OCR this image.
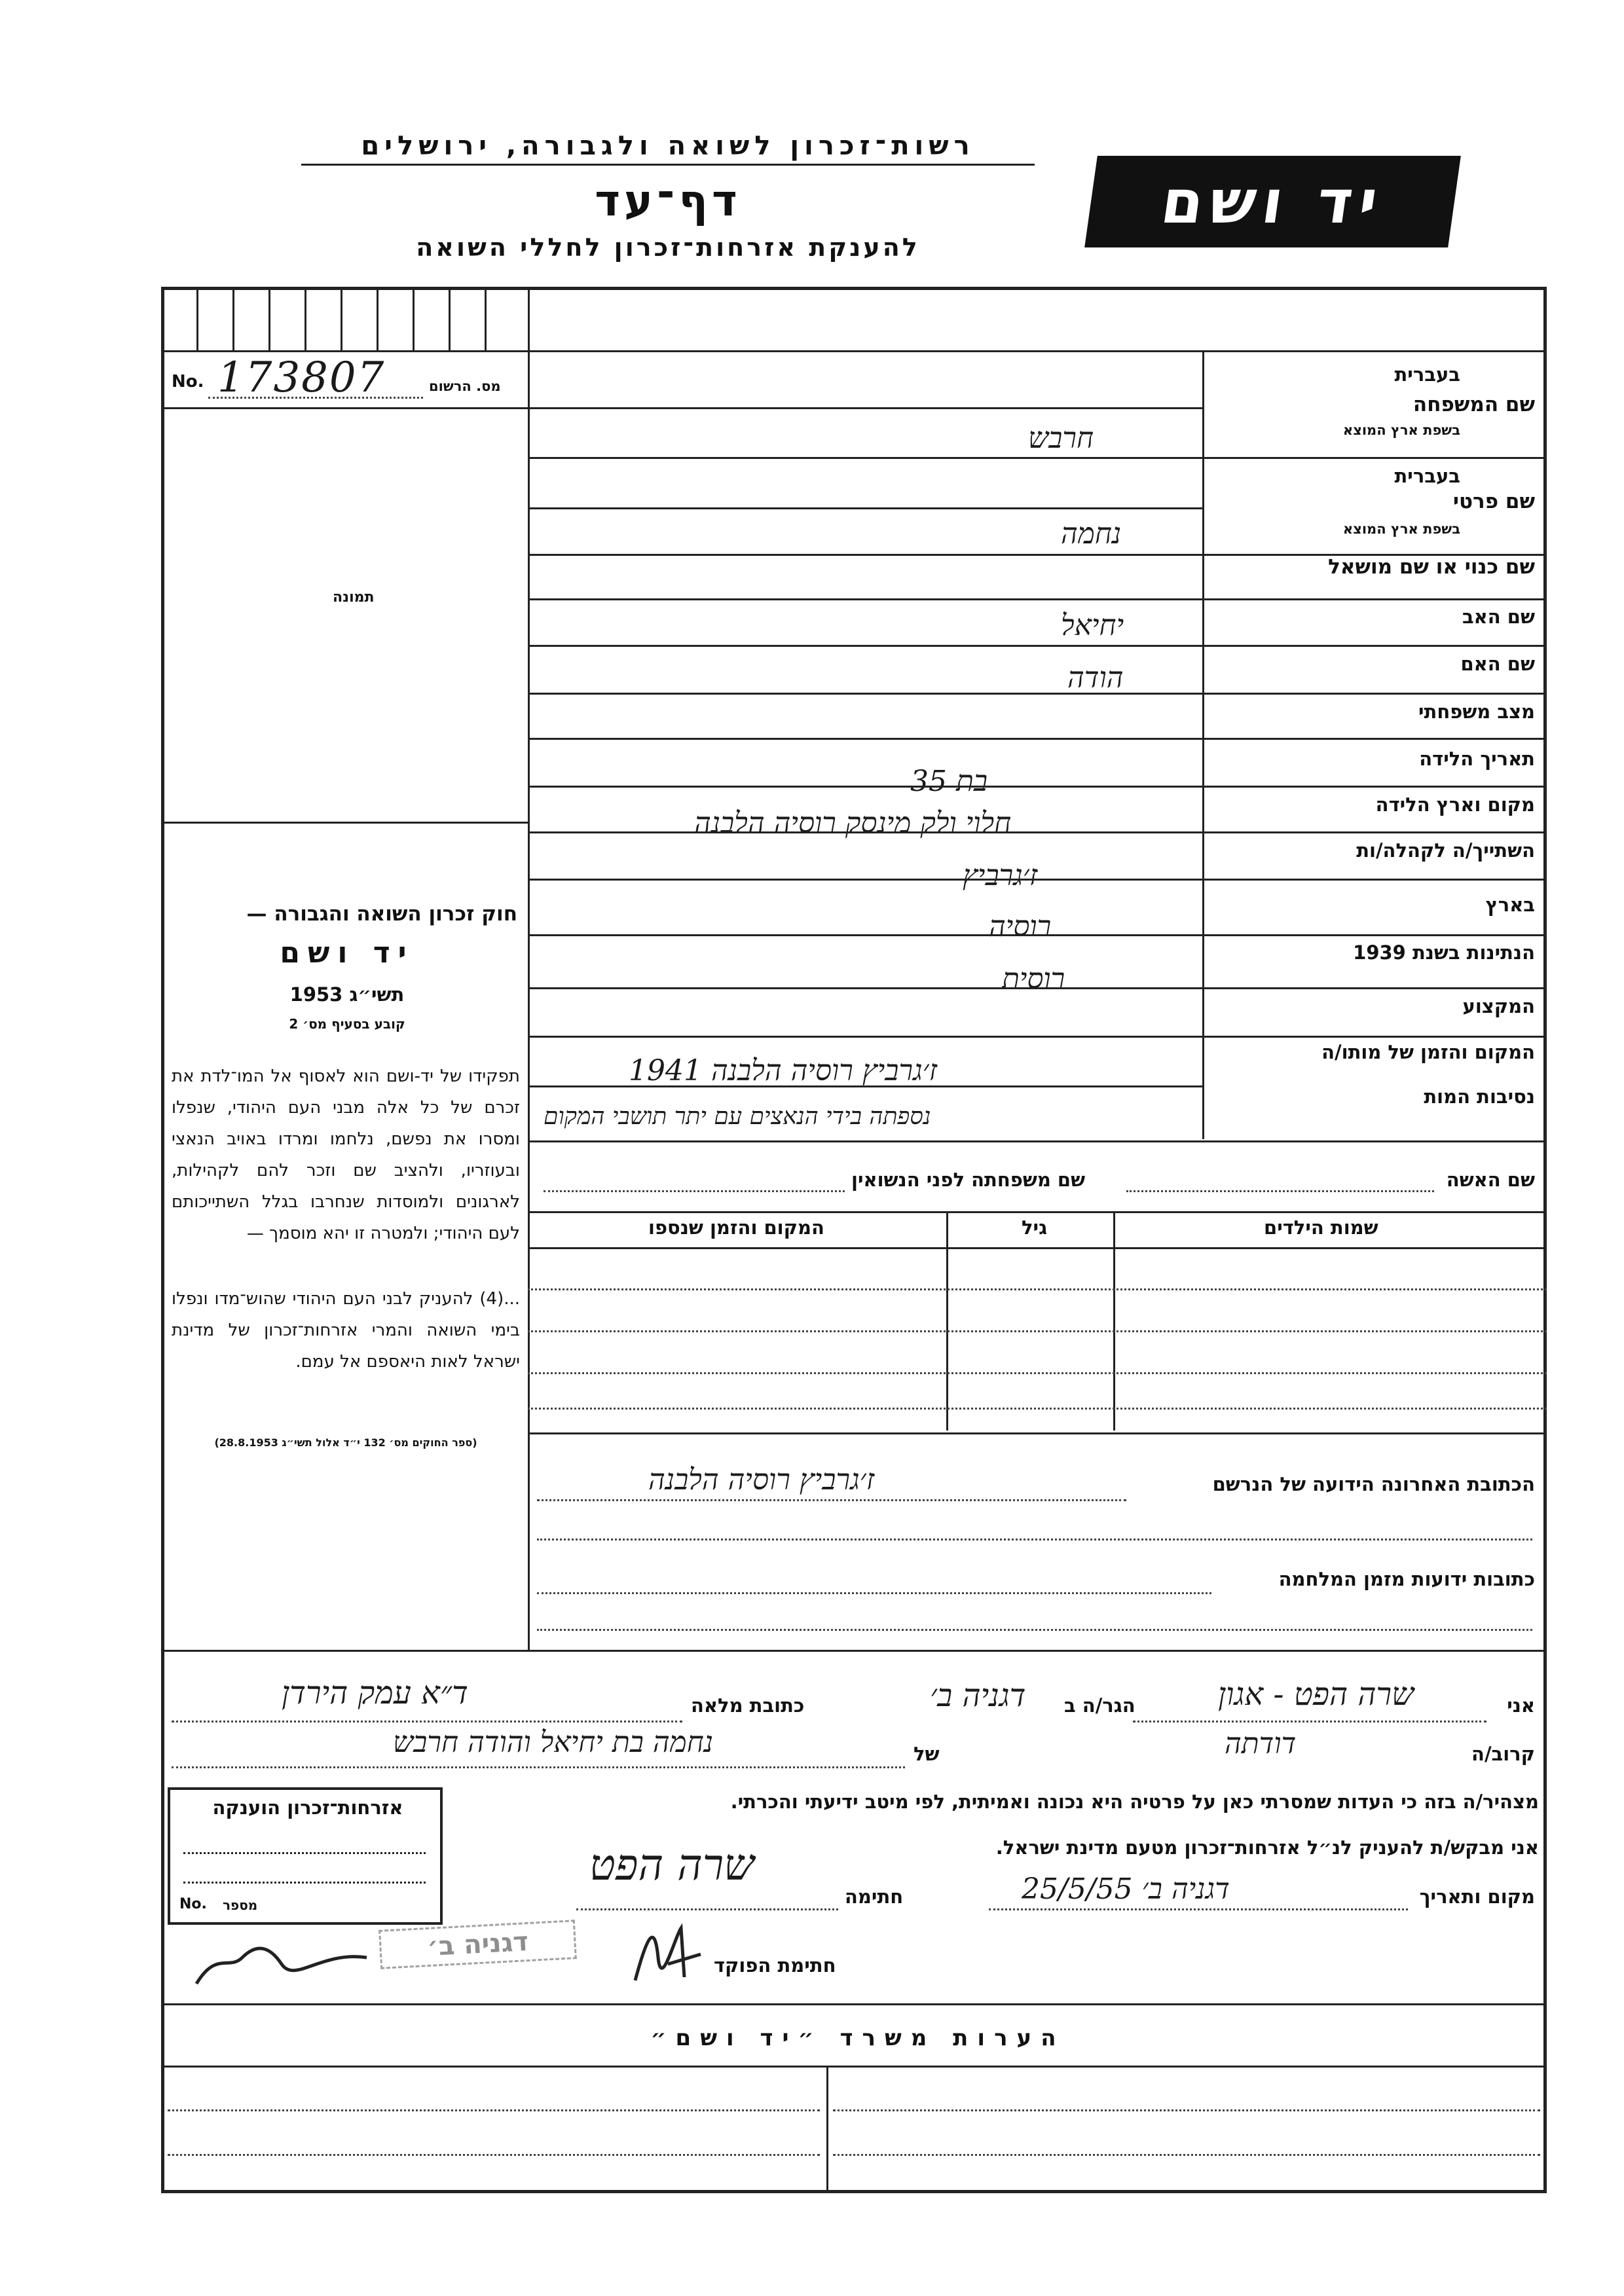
רשות־זכרון לשואה ולגבורה, ירושלים
דף־עד
להענקת אזרחות־זכרון לחללי השואה
יד ושם
No. 173807	מס. הרשום
תמונה
חוק זכרון השואה והגבורה —
יד ושם
תשי״ג 1953
קובע בסעיף מס׳ 2
תפקידו של יד-ושם הוא לאסוף אל המו־לדת את זכרם של כל אלה מבני העם היהודי, שנפלו ומסרו את נפשם, נלחמו ומרדו באויב הנאצי ובעוזריו, ולהציב שם וזכר להם לקהילות, לארגונים ולמוסדות שנחרבו בגלל השתייכותם לעם היהודי; ולמטרה זו יהא מוסמך —
...(4) להעניק לבני העם היהודי שהוש־מדו ונפלו בימי השואה והמרי אזרחות־זכרון של מדינת ישראל לאות היאספם אל עמם.
(ספר החוקים מס׳ 132 י״ד אלול תשי״ג 28.8.1953)
בעברית
שם המשפחה
בשפת ארץ המוצא
חרבש
בעברית
שם פרטי
בשפת ארץ המוצא
נחמה
שם כנוי או שם מושאל
שם האב
יחיאל
שם האם
הודה
מצב משפחתי
תאריך הלידה
בת 35
מקום וארץ הלידה
חלוי ולק מינסק רוסיה הלבנה
השתייך/ה לקהלה/ות
ז׳גרביץ
בארץ
רוסיה
הנתינות בשנת 1939
רוסית
המקצוע
המקום והזמן של מותו/ה
ז׳גרביץ רוסיה הלבנה 1941
נסיבות המות
נספתה בידי הנאצים עם יתר תושבי המקום
שם האשה
שם משפחתה לפני הנשואין
שמות הילדים
גיל
המקום והזמן שנספו
הכתובת האחרונה הידועה של הנרשם
ז׳גרביץ רוסיה הלבנה
כתובות ידועות מזמן המלחמה
אני
שרה הפט - אגון
הגר/ה ב
דגניה ב׳
כתובת מלאה
ד״א עמק הירדן
קרוב/ה
דודתה
של
נחמה בת יחיאל והודה חרבש
מצהיר/ה בזה כי העדות שמסרתי כאן על פרטיה היא נכונה ואמיתית, לפי מיטב ידיעתי והכרתי.
אני מבקש/ת להעניק לנ״ל אזרחות־זכרון מטעם מדינת ישראל.
מקום ותאריך
דגניה ב׳ 25/5/55
חתימה
שרה הפט
חתימת הפוקד
דגניה ב׳
אזרחות־זכרון הוענקה
No. מספר
הערות משרד ״יד ושם״
